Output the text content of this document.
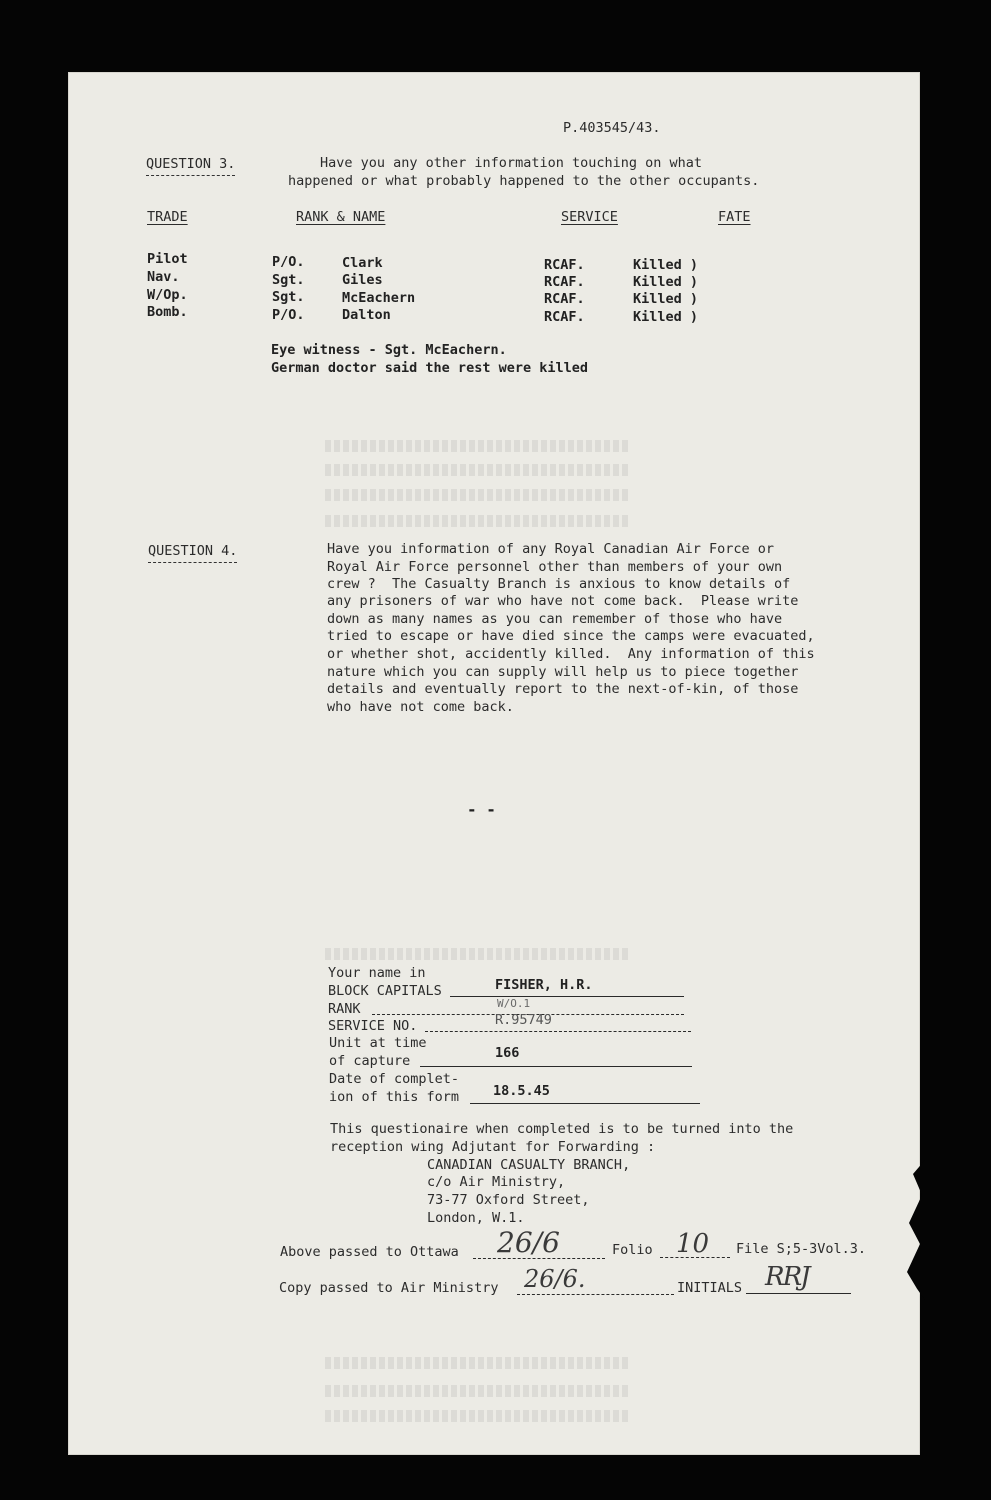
P.403545/43.
QUESTION 3.	Have you any other information touching on what
happened or what probably happened to the other occupants.
TRADE	RANK & NAME	SERVICE	FATE
Pilot	P/O.	Clark	RCAF.	Killed )
Nav.	Sgt.	Giles	RCAF.	Killed )
W/Op.	Sgt.	McEachern	RCAF.	Killed )
Bomb.	P/O.	Dalton	RCAF.	Killed )
Eye witness - Sgt. McEachern.
German doctor said the rest were killed
QUESTION 4.	Have you information of any Royal Canadian Air Force or
Royal Air Force personnel other than members of your own
crew ?  The Casualty Branch is anxious to know details of
any prisoners of war who have not come back.  Please write
down as many names as you can remember of those who have
tried to escape or have died since the camps were evacuated,
or whether shot, accidently killed.  Any information of this
nature which you can supply will help us to piece together
details and eventually report to the next-of-kin, of those
who have not come back.
- -
Your name in
BLOCK CAPITALS	FISHER, H.R.
RANK	W/O.1
SERVICE NO.	R.95749
Unit at time
of capture	166
Date of complet-
ion of this form	18.5.45
This questionaire when completed is to be turned into the
reception wing Adjutant for Forwarding :
CANADIAN CASUALTY BRANCH,
c/o Air Ministry,
73-77 Oxford Street,
London, W.1.
Above passed to Ottawa 26/6	Folio 10 File S;5-3Vol.3.
Copy passed to Air Ministry 26/6.	INITIALS RRJ
